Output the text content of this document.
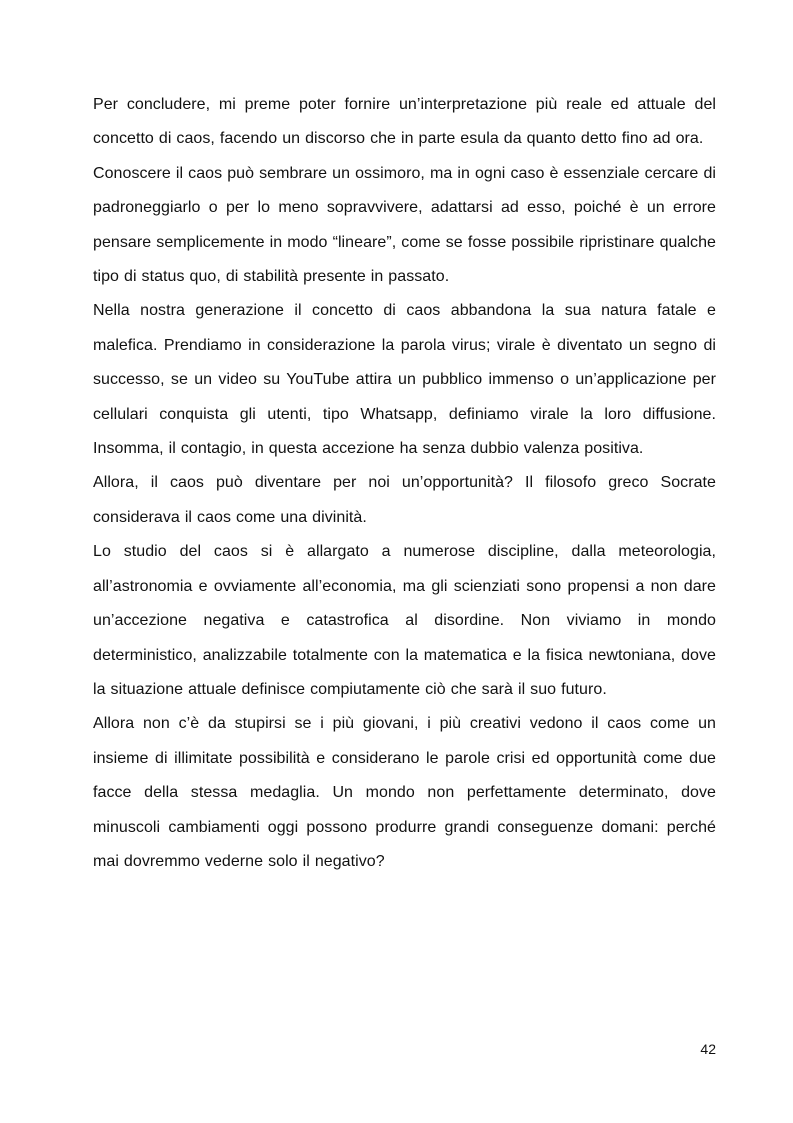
Per concludere, mi preme poter fornire un’interpretazione più reale ed attuale del concetto di caos, facendo un discorso che in parte esula da quanto detto fino ad ora.

Conoscere il caos può sembrare un ossimoro, ma in ogni caso è essenziale cercare di padroneggiarlo o per lo meno sopravvivere, adattarsi ad esso, poiché è un errore pensare semplicemente in modo “lineare”, come se fosse possibile ripristinare qualche tipo di status quo, di stabilità presente in passato.

Nella nostra generazione il concetto di caos abbandona la sua natura fatale e malefica. Prendiamo in considerazione la parola virus; virale è diventato un segno di successo, se un video su YouTube attira un pubblico immenso o un’applicazione per cellulari conquista gli utenti, tipo Whatsapp, definiamo virale la loro diffusione. Insomma, il contagio, in questa accezione ha senza dubbio valenza positiva.

Allora, il caos può diventare per noi un’opportunità? Il filosofo greco Socrate considerava il caos come una divinità.

Lo studio del caos si è allargato a numerose discipline, dalla meteorologia, all’astronomia e ovviamente all’economia, ma gli scienziati sono propensi a non dare un’accezione negativa e catastrofica al disordine. Non viviamo in mondo deterministico, analizzabile totalmente con la matematica e la fisica newtoniana, dove la situazione attuale definisce compiutamente ciò che sarà il suo futuro.

Allora non c’è da stupirsi se i più giovani, i più creativi vedono il caos come un insieme di illimitate possibilità e considerano le parole crisi ed opportunità come due facce della stessa medaglia. Un mondo non perfettamente determinato, dove minuscoli cambiamenti oggi possono produrre grandi conseguenze domani: perché mai dovremmo vederne solo il negativo?

42
